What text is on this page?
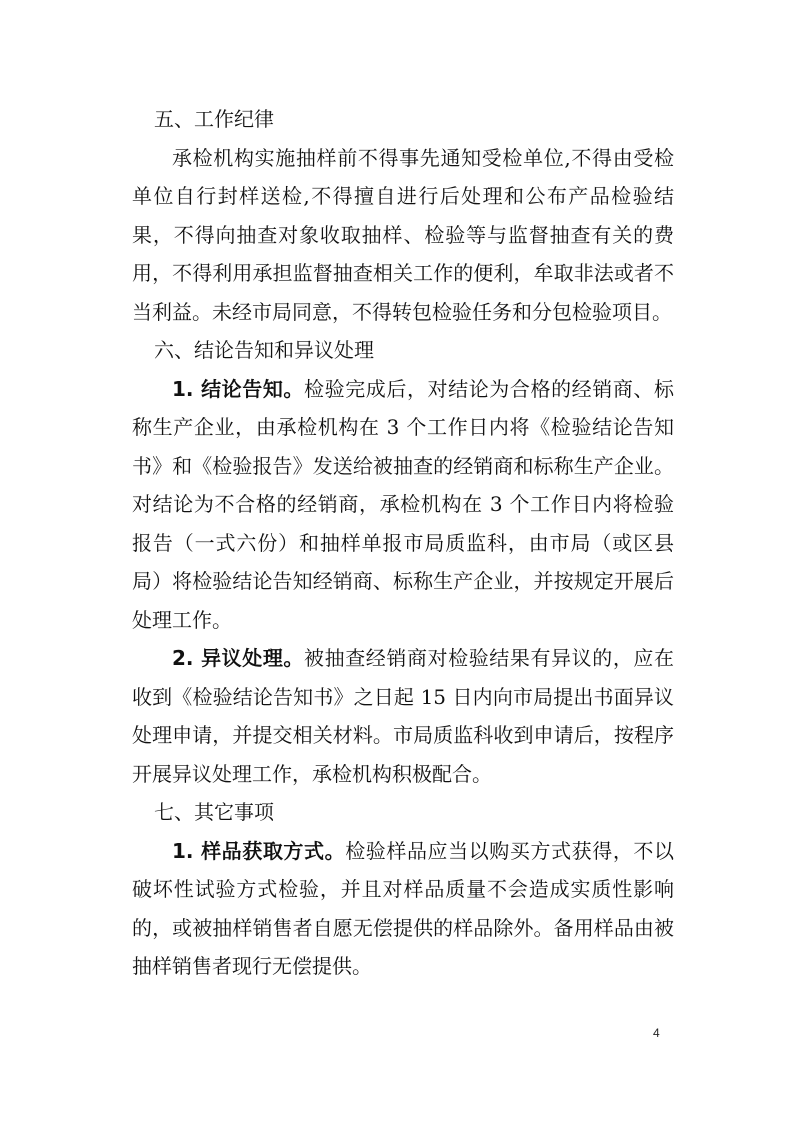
五、工作纪律

承检机构实施抽样前不得事先通知受检单位,不得由受检单位自行封样送检,不得擅自进行后处理和公布产品检验结果，不得向抽查对象收取抽样、检验等与监督抽查有关的费用，不得利用承担监督抽查相关工作的便利，牟取非法或者不当利益。未经市局同意，不得转包检验任务和分包检验项目。

六、结论告知和异议处理

1. 结论告知。检验完成后，对结论为合格的经销商、标称生产企业，由承检机构在 3 个工作日内将《检验结论告知书》和《检验报告》发送给被抽查的经销商和标称生产企业。对结论为不合格的经销商，承检机构在 3 个工作日内将检验报告（一式六份）和抽样单报市局质监科，由市局（或区县局）将检验结论告知经销商、标称生产企业，并按规定开展后处理工作。

2. 异议处理。被抽查经销商对检验结果有异议的，应在收到《检验结论告知书》之日起 15 日内向市局提出书面异议处理申请，并提交相关材料。市局质监科收到申请后，按程序开展异议处理工作，承检机构积极配合。

七、其它事项

1. 样品获取方式。检验样品应当以购买方式获得，不以破坏性试验方式检验，并且对样品质量不会造成实质性影响的，或被抽样销售者自愿无偿提供的样品除外。备用样品由被抽样销售者现行无偿提供。

4
